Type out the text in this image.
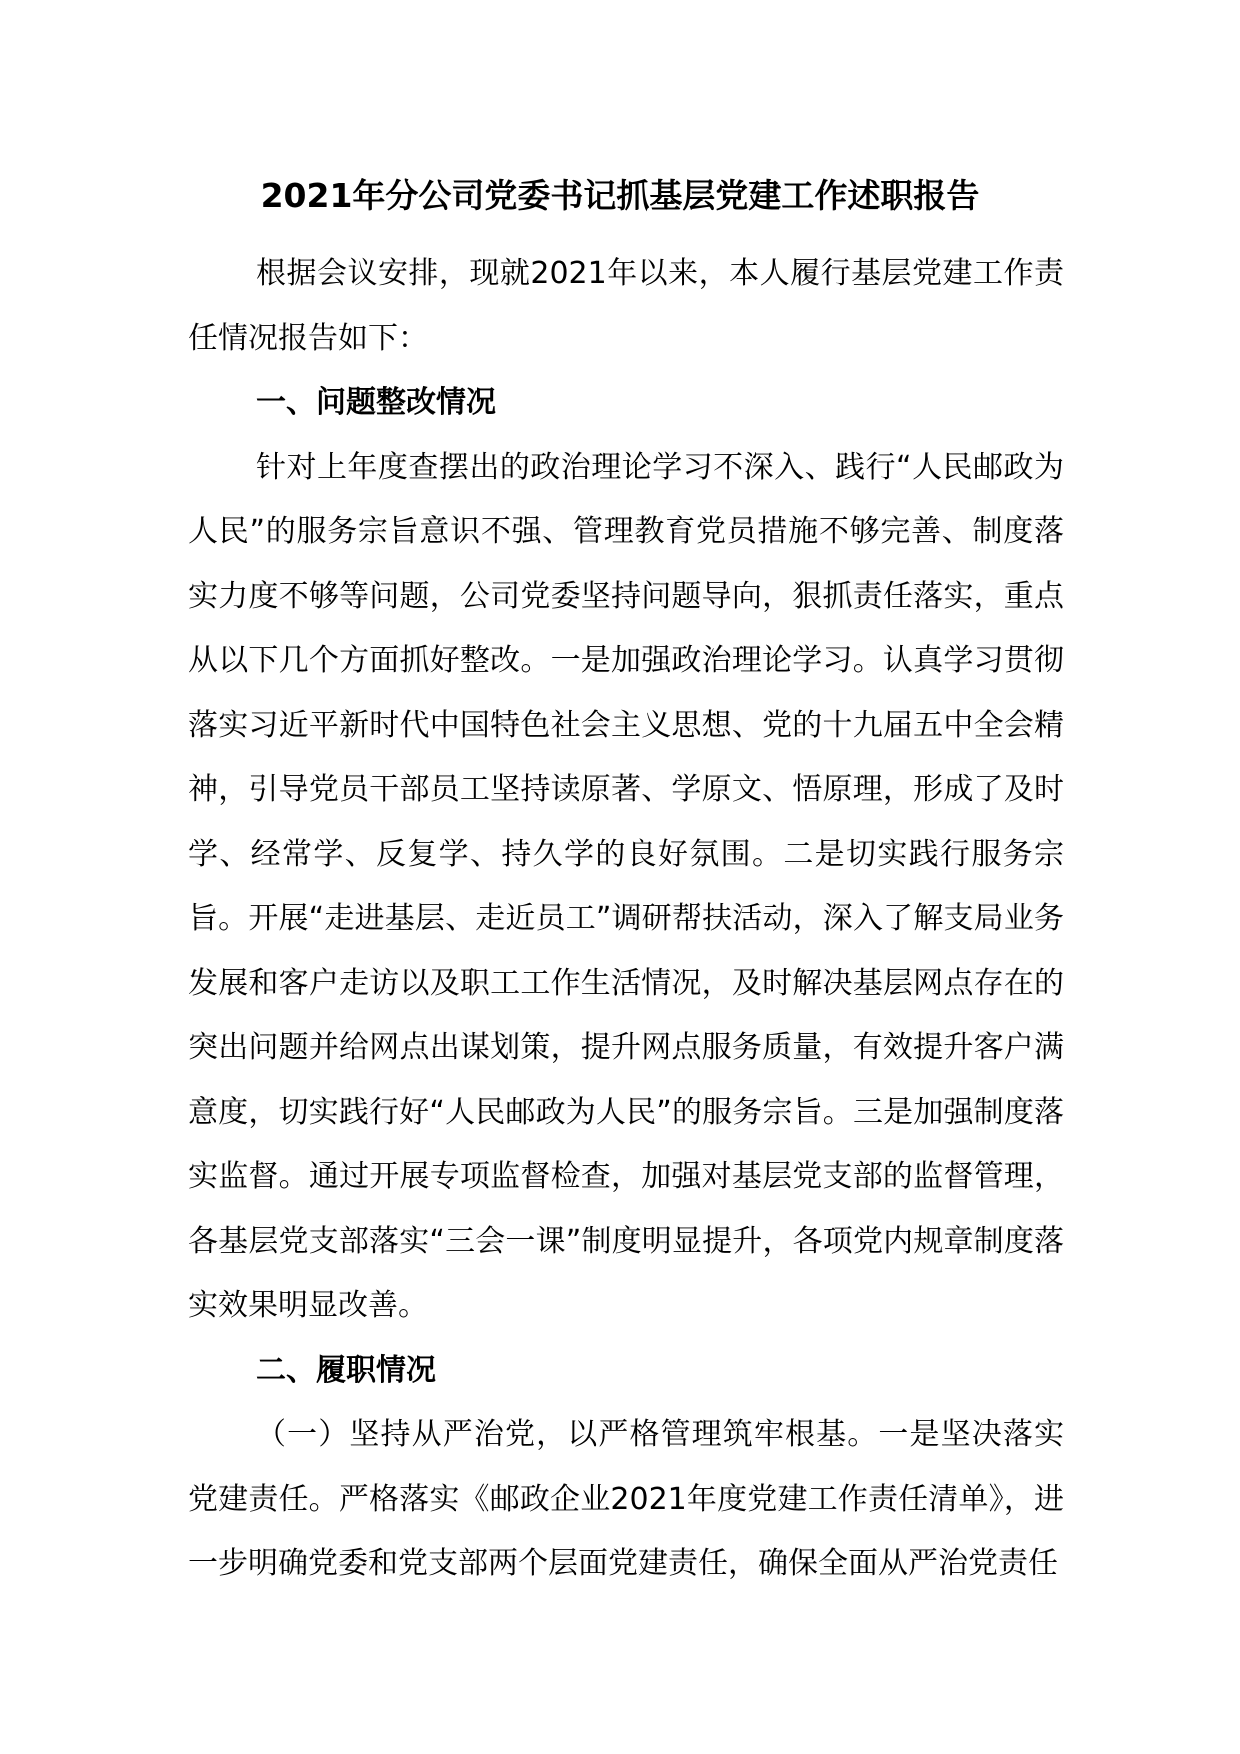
2021年分公司党委书记抓基层党建工作述职报告

根据会议安排，现就2021年以来，本人履行基层党建工作责任情况报告如下：

一、问题整改情况

针对上年度查摆出的政治理论学习不深入、践行“人民邮政为人民”的服务宗旨意识不强、管理教育党员措施不够完善、制度落实力度不够等问题，公司党委坚持问题导向，狠抓责任落实，重点从以下几个方面抓好整改。一是加强政治理论学习。认真学习贯彻落实习近平新时代中国特色社会主义思想、党的十九届五中全会精神，引导党员干部员工坚持读原著、学原文、悟原理，形成了及时学、经常学、反复学、持久学的良好氛围。二是切实践行服务宗旨。开展“走进基层、走近员工”调研帮扶活动，深入了解支局业务发展和客户走访以及职工工作生活情况，及时解决基层网点存在的突出问题并给网点出谋划策，提升网点服务质量，有效提升客户满意度，切实践行好“人民邮政为人民”的服务宗旨。三是加强制度落实监督。通过开展专项监督检查，加强对基层党支部的监督管理，各基层党支部落实“三会一课”制度明显提升，各项党内规章制度落实效果明显改善。

二、履职情况

（一）坚持从严治党，以严格管理筑牢根基。一是坚决落实党建责任。严格落实《邮政企业2021年度党建工作责任清单》，进一步明确党委和党支部两个层面党建责任，确保全面从严治党责任
